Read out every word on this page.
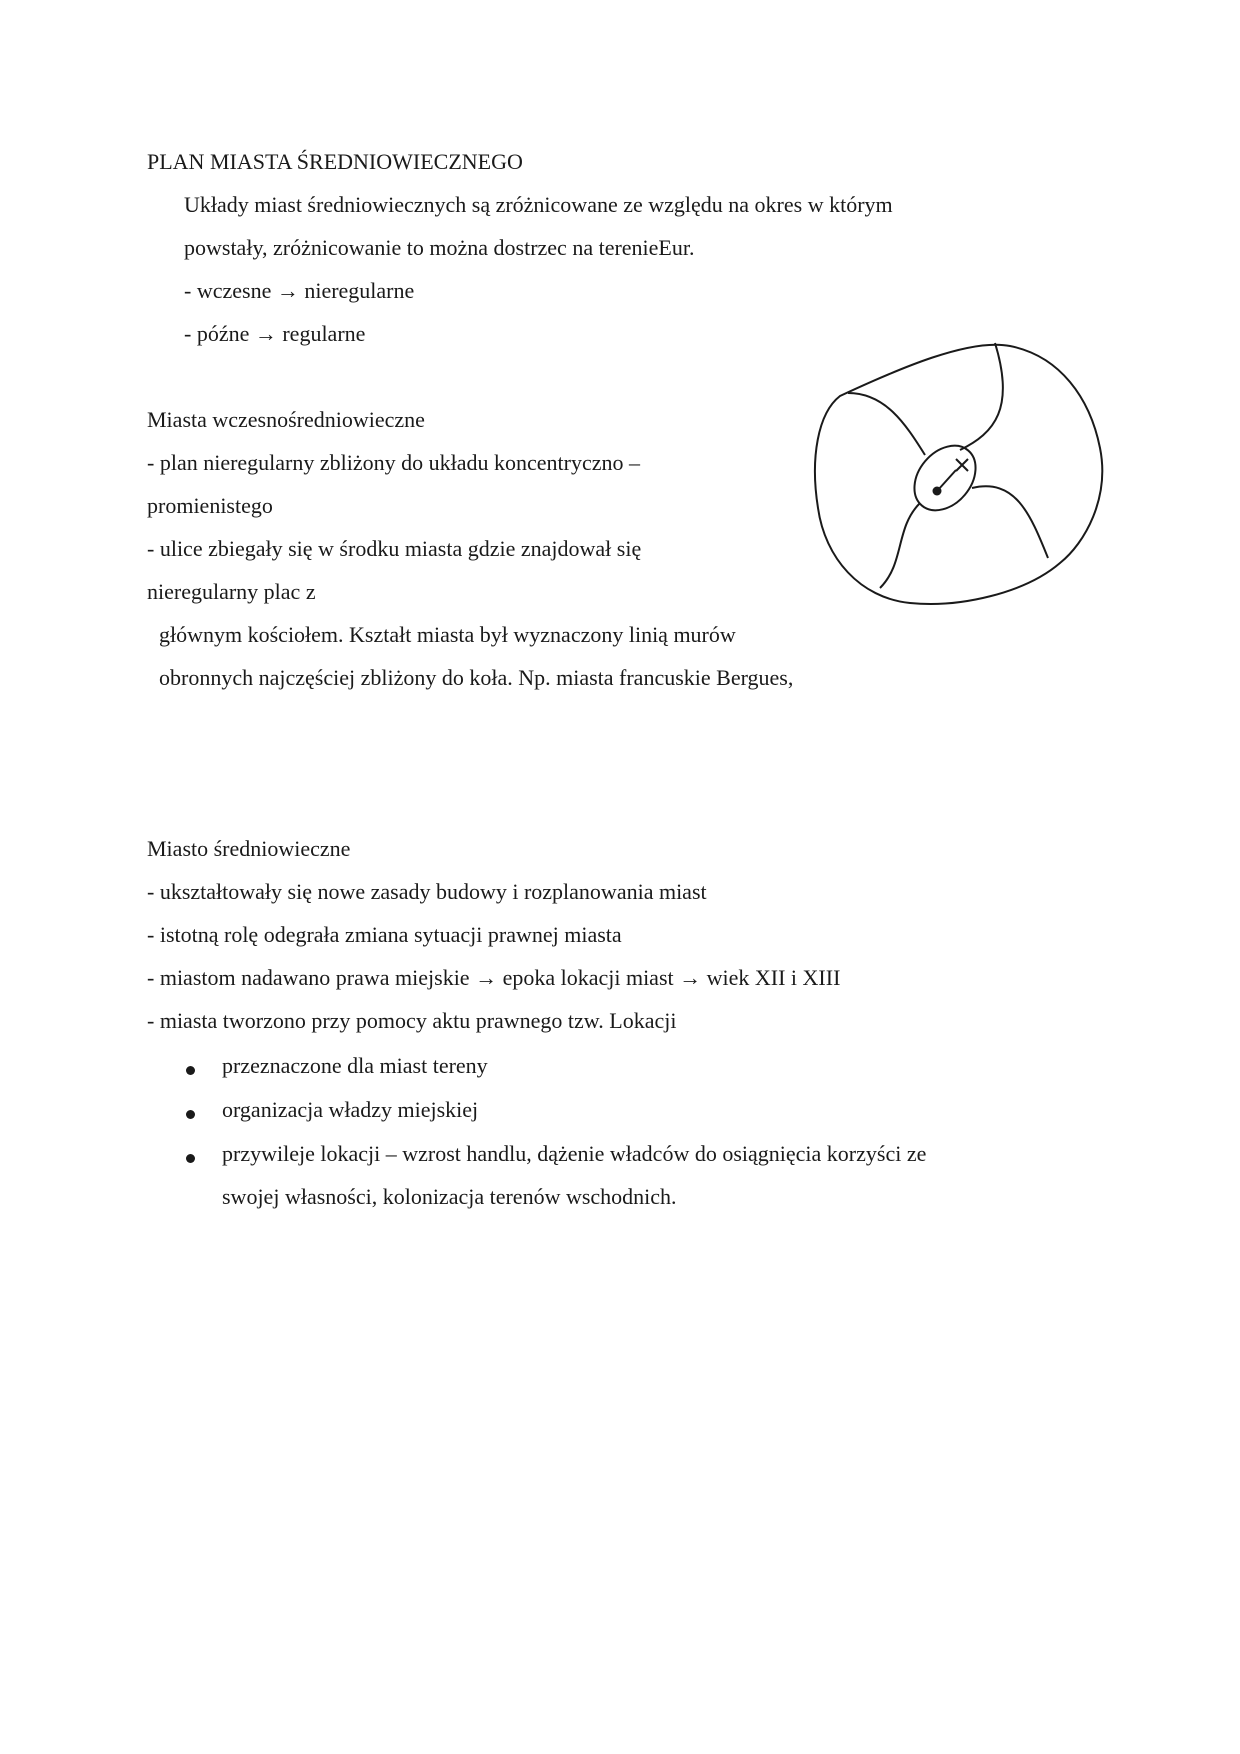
PLAN MIASTA ŚREDNIOWIECZNEGO
Układy miast średniowiecznych są zróżnicowane ze względu na okres w którym
powstały, zróżnicowanie to można dostrzec na terenieEur.
- wczesne → nieregularne
- późne → regularne
Miasta wczesnośredniowieczne
- plan nieregularny zbliżony do układu koncentryczno –
promienistego
- ulice zbiegały się w środku miasta gdzie znajdował się
nieregularny plac z
głównym kościołem. Kształt miasta był wyznaczony linią murów
obronnych najczęściej zbliżony do koła. Np. miasta francuskie Bergues,
Miasto średniowieczne
- ukształtowały się nowe zasady budowy i rozplanowania miast
- istotną rolę odegrała zmiana sytuacji prawnej miasta
- miastom nadawano prawa miejskie → epoka lokacji miast → wiek XII i XIII
- miasta tworzono przy pomocy aktu prawnego tzw. Lokacji
przeznaczone dla miast tereny
organizacja władzy miejskiej
przywileje lokacji – wzrost handlu, dążenie władców do osiągnięcia korzyści ze
swojej własności, kolonizacja terenów wschodnich.
